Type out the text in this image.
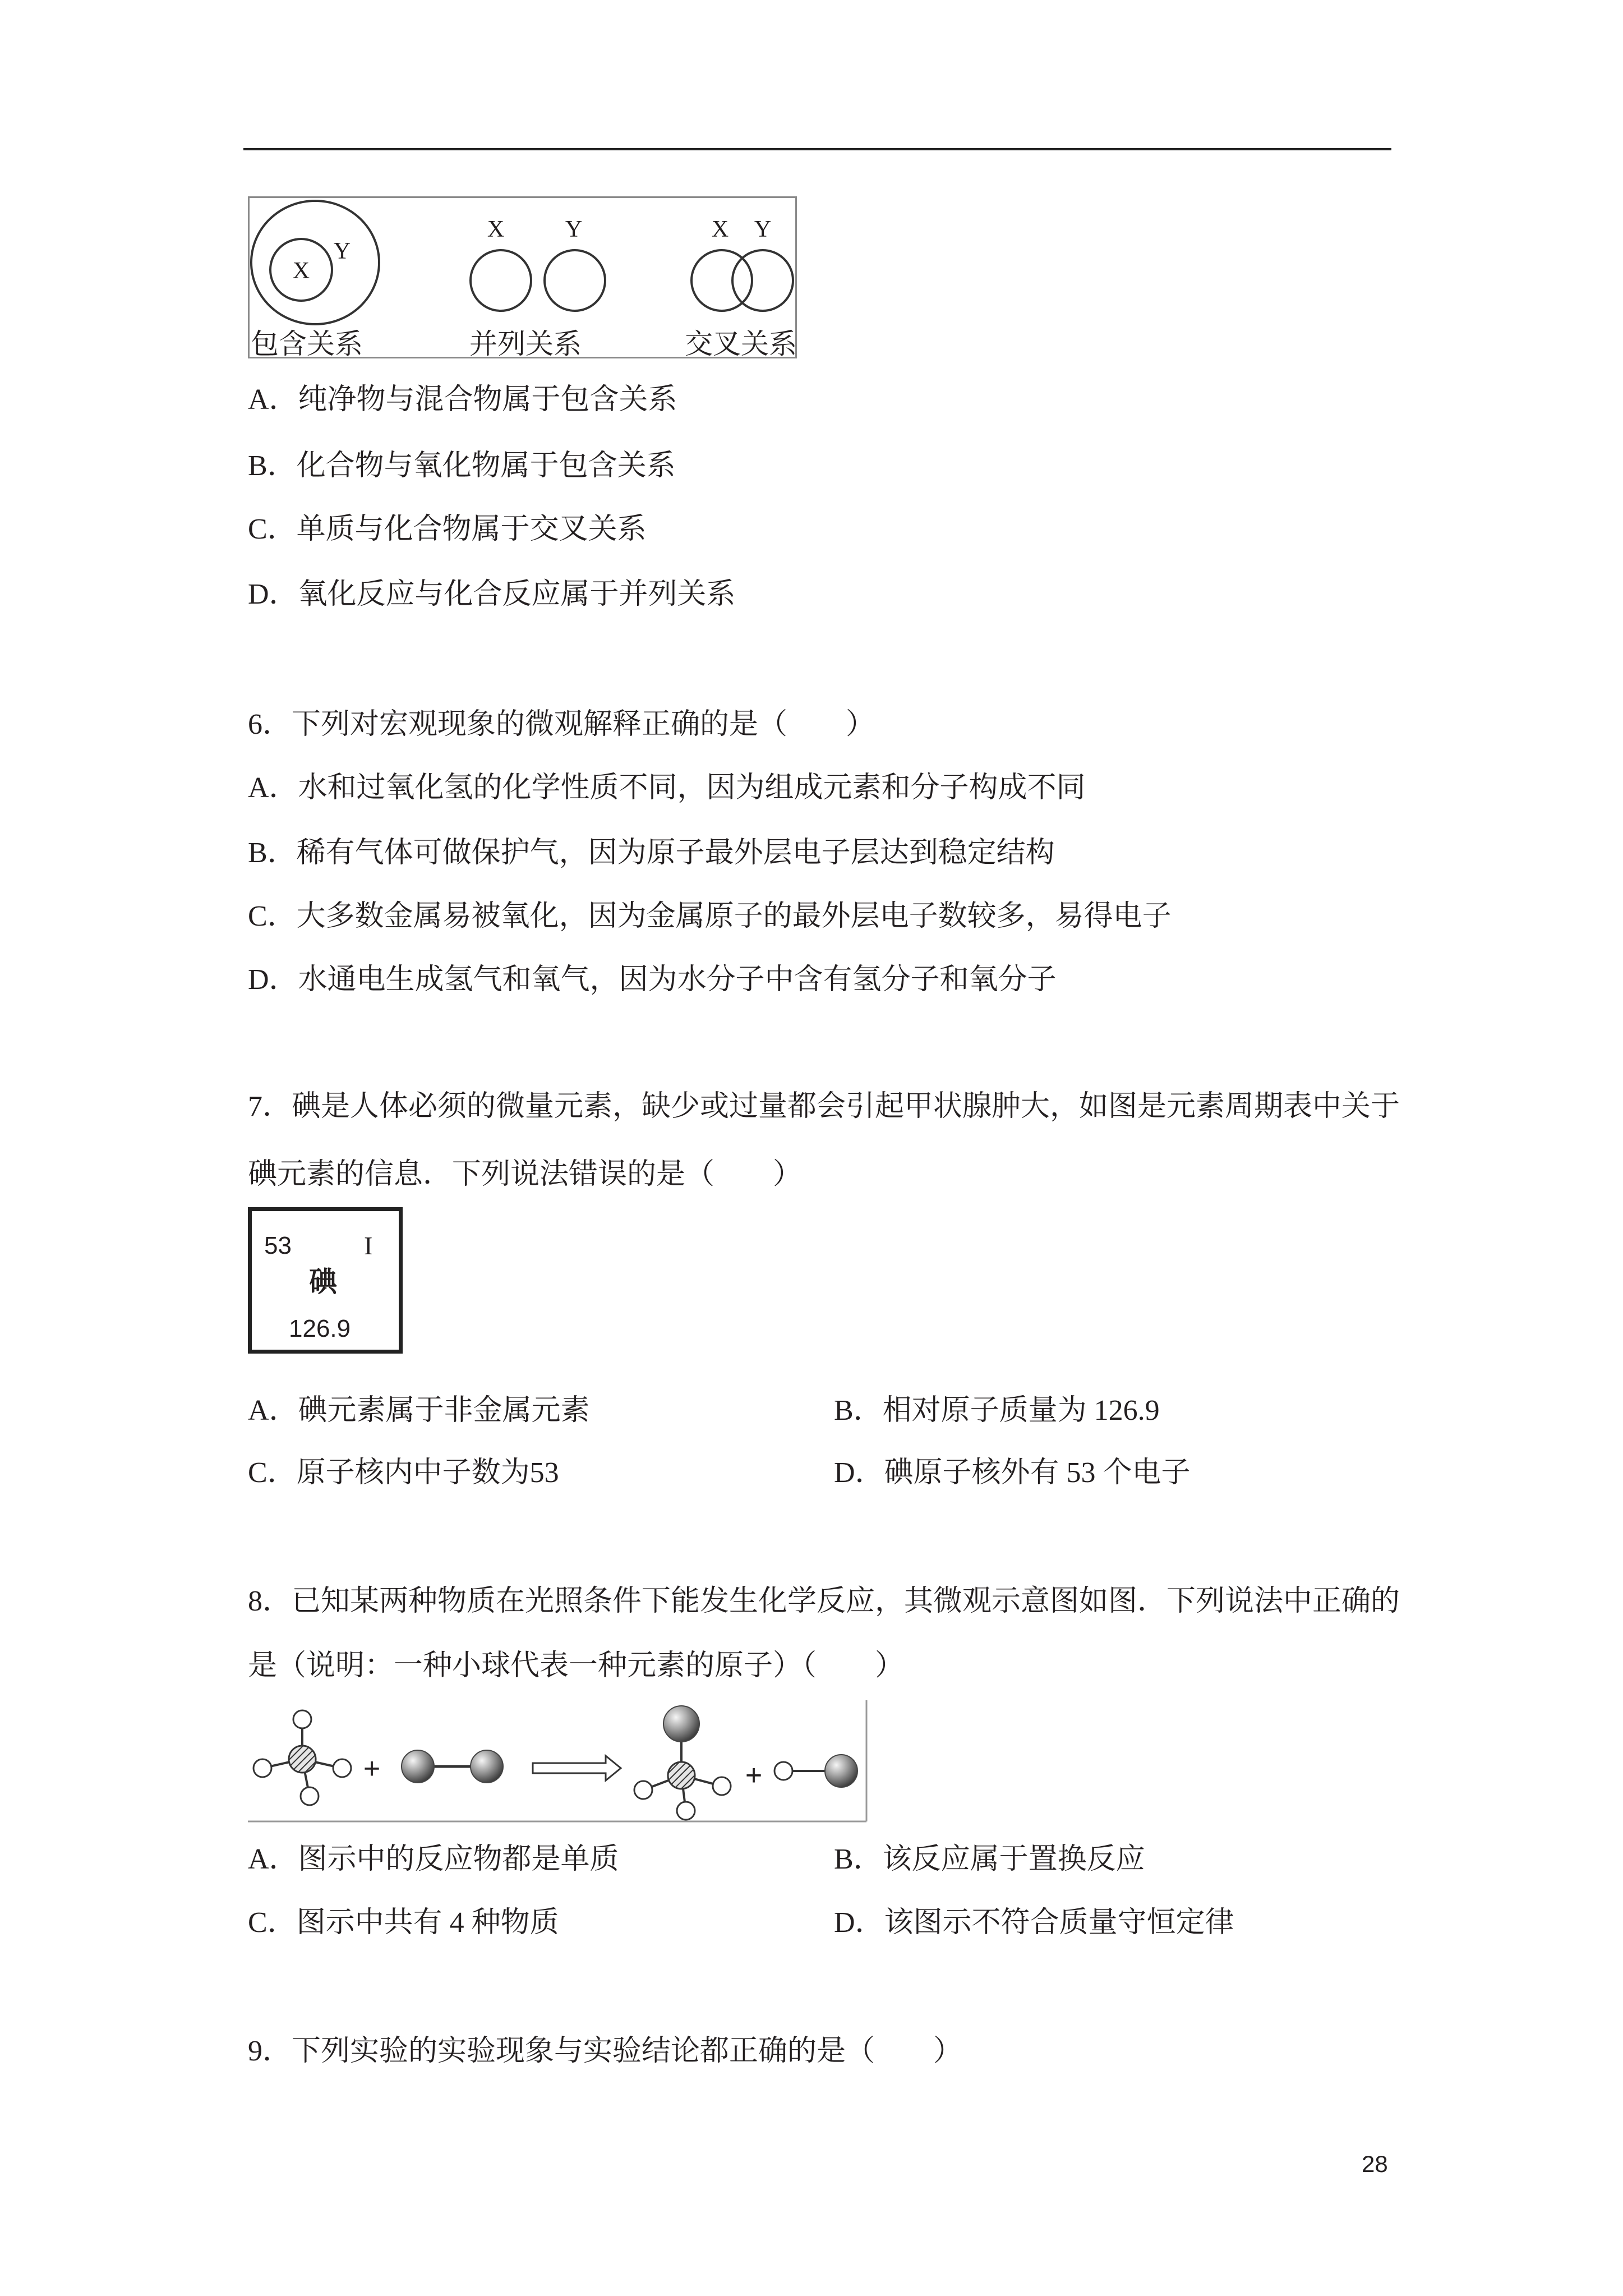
X
Y
包含关系
X	Y
并列关系
X Y
交叉关系
A．纯净物与混合物属于包含关系
B．化合物与氧化物属于包含关系
C．单质与化合物属于交叉关系
D．氧化反应与化合反应属于并列关系
6．下列对宏观现象的微观解释正确的是（　　）
A．水和过氧化氢的化学性质不同，因为组成元素和分子构成不同
B．稀有气体可做保护气，因为原子最外层电子层达到稳定结构
C．大多数金属易被氧化，因为金属原子的最外层电子数较多，易得电子
D．水通电生成氢气和氧气，因为水分子中含有氢分子和氧分子
7．碘是人体必须的微量元素，缺少或过量都会引起甲状腺肿大，如图是元素周期表中关于
碘元素的信息．下列说法错误的是（　　）
53	I
碘
126.9
A．碘元素属于非金属元素	B．相对原子质量为 126.9
C．原子核内中子数为53	D．碘原子核外有 53 个电子
8．已知某两种物质在光照条件下能发生化学反应，其微观示意图如图．下列说法中正确的
是（说明：一种小球代表一种元素的原子）（　　）
+	+
A．图示中的反应物都是单质	B．该反应属于置换反应
C．图示中共有 4 种物质	D．该图示不符合质量守恒定律
9．下列实验的实验现象与实验结论都正确的是（　　）
28
